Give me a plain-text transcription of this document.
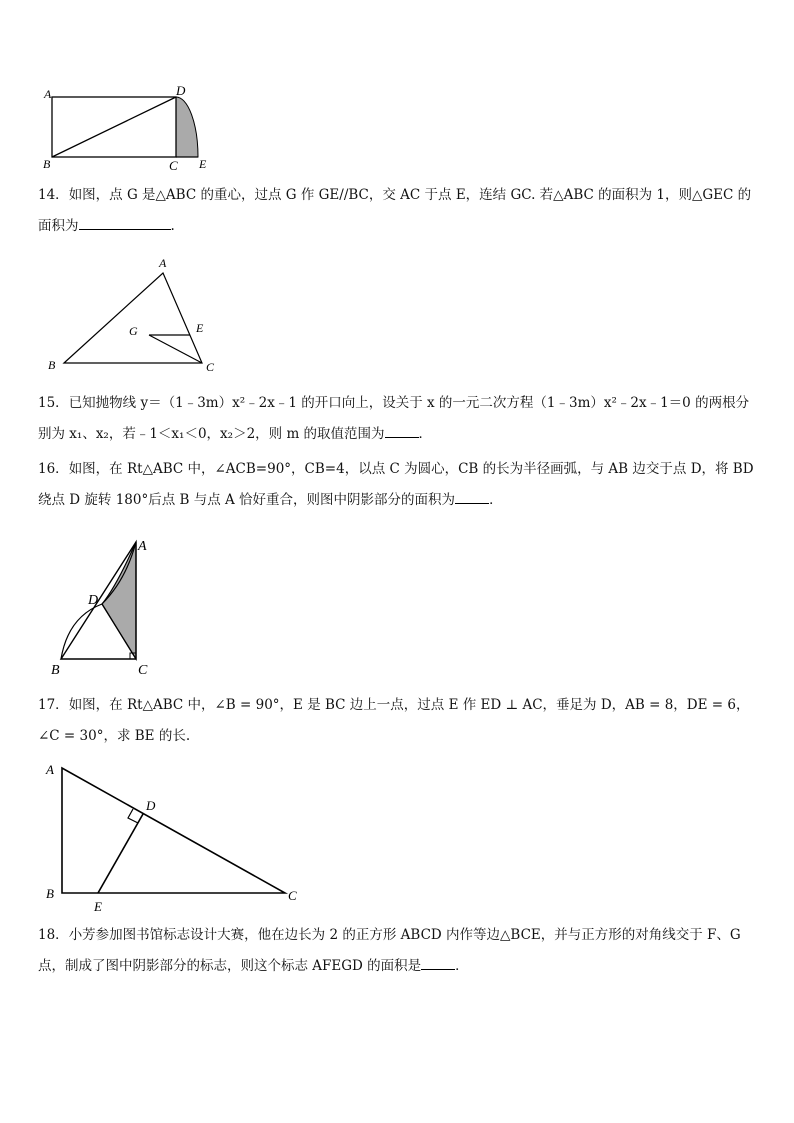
A
B	C
D
E
14．如图，点 G 是△ABC 的重心，过点 G 作 GE//BC，交 AC 于点 E，连结 GC. 若△ABC 的面积为 1，则△GEC 的面积为	.
A
B	C
G	E
15．已知抛物线 y＝（1﹣3m）x²﹣2x﹣1 的开口向上，设关于 x 的一元二次方程（1﹣3m）x²﹣2x﹣1＝0 的两根分别为 x₁、x₂，若﹣1＜x₁＜0，x₂＞2，则 m 的取值范围为	．
16．如图，在 Rt△ABC 中，∠ACB=90°，CB=4，以点 C 为圆心，CB 的长为半径画弧，与 AB 边交于点 D，将 BD 绕点 D 旋转 180°后点 B 与点 A 恰好重合，则图中阴影部分的面积为	．
A
B	C
D
17．如图，在 Rt△ABC 中，∠B = 90°，E 是 BC 边上一点，过点 E 作 ED ⊥ AC，垂足为 D，AB = 8，DE = 6，∠C = 30°，求 BE 的长.
A
B	C
D
E
18．小芳参加图书馆标志设计大赛，他在边长为 2 的正方形 ABCD 内作等边△BCE，并与正方形的对角线交于 F、G 点，制成了图中阴影部分的标志，则这个标志 AFEGD 的面积是	．
